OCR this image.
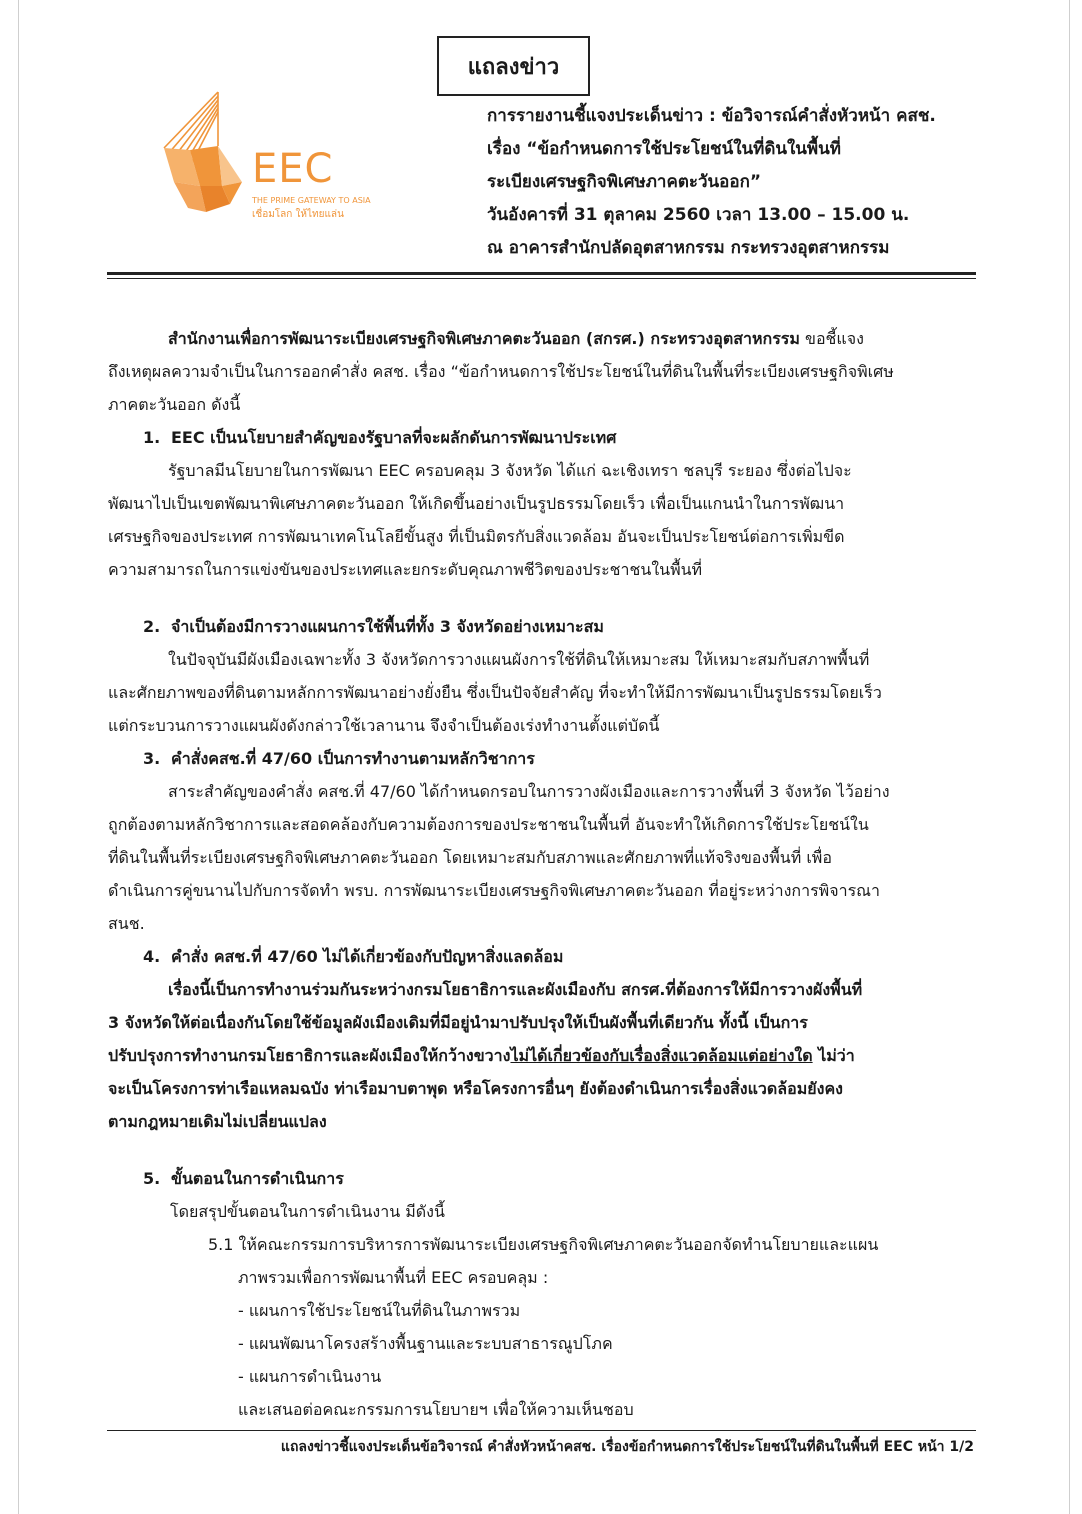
แถลงข่าว
EEC
THE PRIME GATEWAY TO ASIA
เชื่อมโลก ให้ไทยแล่น
การรายงานชี้แจงประเด็นข่าว : ข้อวิจารณ์คำสั่งหัวหน้า คสช.
เรื่อง “ข้อกำหนดการใช้ประโยชน์ในที่ดินในพื้นที่
ระเบียงเศรษฐกิจพิเศษภาคตะวันออก”
วันอังคารที่ 31 ตุลาคม 2560 เวลา 13.00 – 15.00 น.
ณ อาคารสำนักปลัดอุตสาหกรรม กระทรวงอุตสาหกรรม
สำนักงานเพื่อการพัฒนาระเบียงเศรษฐกิจพิเศษภาคตะวันออก (สกรศ.) กระทรวงอุตสาหกรรม ขอชี้แจง
ถึงเหตุผลความจำเป็นในการออกคำสั่ง คสช. เรื่อง “ข้อกำหนดการใช้ประโยชน์ในที่ดินในพื้นที่ระเบียงเศรษฐกิจพิเศษ
ภาคตะวันออก ดังนี้
1. EEC เป็นนโยบายสำคัญของรัฐบาลที่จะผลักดันการพัฒนาประเทศ
รัฐบาลมีนโยบายในการพัฒนา EEC ครอบคลุม 3 จังหวัด ได้แก่ ฉะเชิงเทรา ชลบุรี ระยอง ซึ่งต่อไปจะ
พัฒนาไปเป็นเขตพัฒนาพิเศษภาคตะวันออก ให้เกิดขึ้นอย่างเป็นรูปธรรมโดยเร็ว เพื่อเป็นแกนนำในการพัฒนา
เศรษฐกิจของประเทศ การพัฒนาเทคโนโลยีขั้นสูง ที่เป็นมิตรกับสิ่งแวดล้อม อันจะเป็นประโยชน์ต่อการเพิ่มขีด
ความสามารถในการแข่งขันของประเทศและยกระดับคุณภาพชีวิตของประชาชนในพื้นที่
2. จำเป็นต้องมีการวางแผนการใช้พื้นที่ทั้ง 3 จังหวัดอย่างเหมาะสม
ในปัจจุบันมีผังเมืองเฉพาะทั้ง 3 จังหวัดการวางแผนผังการใช้ที่ดินให้เหมาะสม ให้เหมาะสมกับสภาพพื้นที่
และศักยภาพของที่ดินตามหลักการพัฒนาอย่างยั่งยืน ซึ่งเป็นปัจจัยสำคัญ ที่จะทำให้มีการพัฒนาเป็นรูปธรรมโดยเร็ว
แต่กระบวนการวางแผนผังดังกล่าวใช้เวลานาน จึงจำเป็นต้องเร่งทำงานตั้งแต่บัดนี้
3. คำสั่งคสช.ที่ 47/60 เป็นการทำงานตามหลักวิชาการ
สาระสำคัญของคำสั่ง คสช.ที่ 47/60 ได้กำหนดกรอบในการวางผังเมืองและการวางพื้นที่ 3 จังหวัด ไว้อย่าง
ถูกต้องตามหลักวิชาการและสอดคล้องกับความต้องการของประชาชนในพื้นที่ อันจะทำให้เกิดการใช้ประโยชน์ใน
ที่ดินในพื้นที่ระเบียงเศรษฐกิจพิเศษภาคตะวันออก โดยเหมาะสมกับสภาพและศักยภาพที่แท้จริงของพื้นที่ เพื่อ
ดำเนินการคู่ขนานไปกับการจัดทำ พรบ. การพัฒนาระเบียงเศรษฐกิจพิเศษภาคตะวันออก ที่อยู่ระหว่างการพิจารณา
สนช.
4. คำสั่ง คสช.ที่ 47/60 ไม่ได้เกี่ยวข้องกับปัญหาสิ่งแลดล้อม
เรื่องนี้เป็นการทำงานร่วมกันระหว่างกรมโยธาธิการและผังเมืองกับ สกรศ.ที่ต้องการให้มีการวางผังพื้นที่
3 จังหวัดให้ต่อเนื่องกันโดยใช้ข้อมูลผังเมืองเดิมที่มีอยู่นำมาปรับปรุงให้เป็นผังพื้นที่เดียวกัน ทั้งนี้ เป็นการ
ปรับปรุงการทำงานกรมโยธาธิการและผังเมืองให้กว้างขวางไม่ได้เกี่ยวข้องกับเรื่องสิ่งแวดล้อมแต่อย่างใด ไม่ว่า
จะเป็นโครงการท่าเรือแหลมฉบัง ท่าเรือมาบตาพุด หรือโครงการอื่นๆ ยังต้องดำเนินการเรื่องสิ่งแวดล้อมยังคง
ตามกฎหมายเดิมไม่เปลี่ยนแปลง
5. ขั้นตอนในการดำเนินการ
โดยสรุปขั้นตอนในการดำเนินงาน มีดังนี้
5.1 ให้คณะกรรมการบริหารการพัฒนาระเบียงเศรษฐกิจพิเศษภาคตะวันออกจัดทำนโยบายและแผน
ภาพรวมเพื่อการพัฒนาพื้นที่ EEC ครอบคลุม :
- แผนการใช้ประโยชน์ในที่ดินในภาพรวม
- แผนพัฒนาโครงสร้างพื้นฐานและระบบสาธารณูปโภค
- แผนการดำเนินงาน
และเสนอต่อคณะกรรมการนโยบายฯ เพื่อให้ความเห็นชอบ
แถลงข่าวชี้แจงประเด็นข้อวิจารณ์ คำสั่งหัวหน้าคสช. เรื่องข้อกำหนดการใช้ประโยชน์ในที่ดินในพื้นที่ EEC หน้า 1/2
